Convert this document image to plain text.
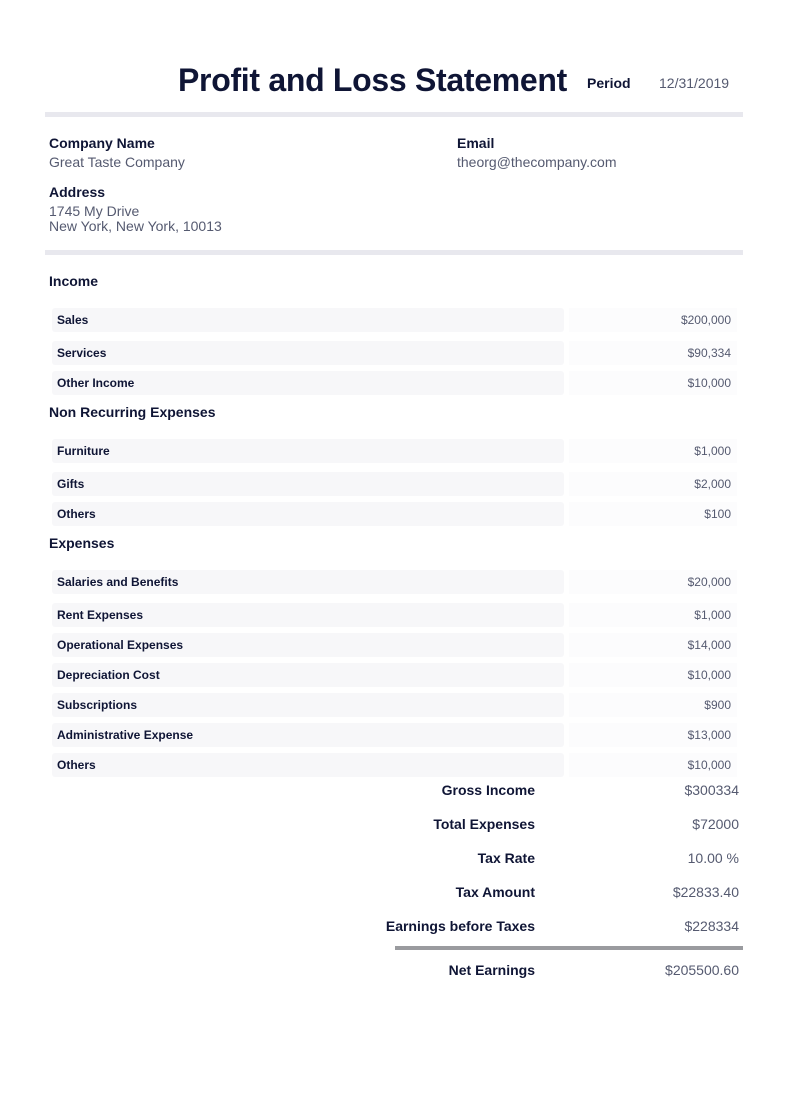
Profit and Loss Statement Period 12/31/2019
Company Name
Great Taste Company
Email
theorg@thecompany.com
Address
1745 My Drive
New York, New York, 10013
Income
Sales	$200,000
Services	$90,334
Other Income	$10,000
Non Recurring Expenses
Furniture	$1,000
Gifts	$2,000
Others	$100
Expenses
Salaries and Benefits	$20,000
Rent Expenses	$1,000
Operational Expenses	$14,000
Depreciation Cost	$10,000
Subscriptions	$900
Administrative Expense	$13,000
Others	$10,000
Gross Income	$300334
Total Expenses	$72000
Tax Rate	10.00 %
Tax Amount	$22833.40
Earnings before Taxes	$228334
Net Earnings	$205500.60
